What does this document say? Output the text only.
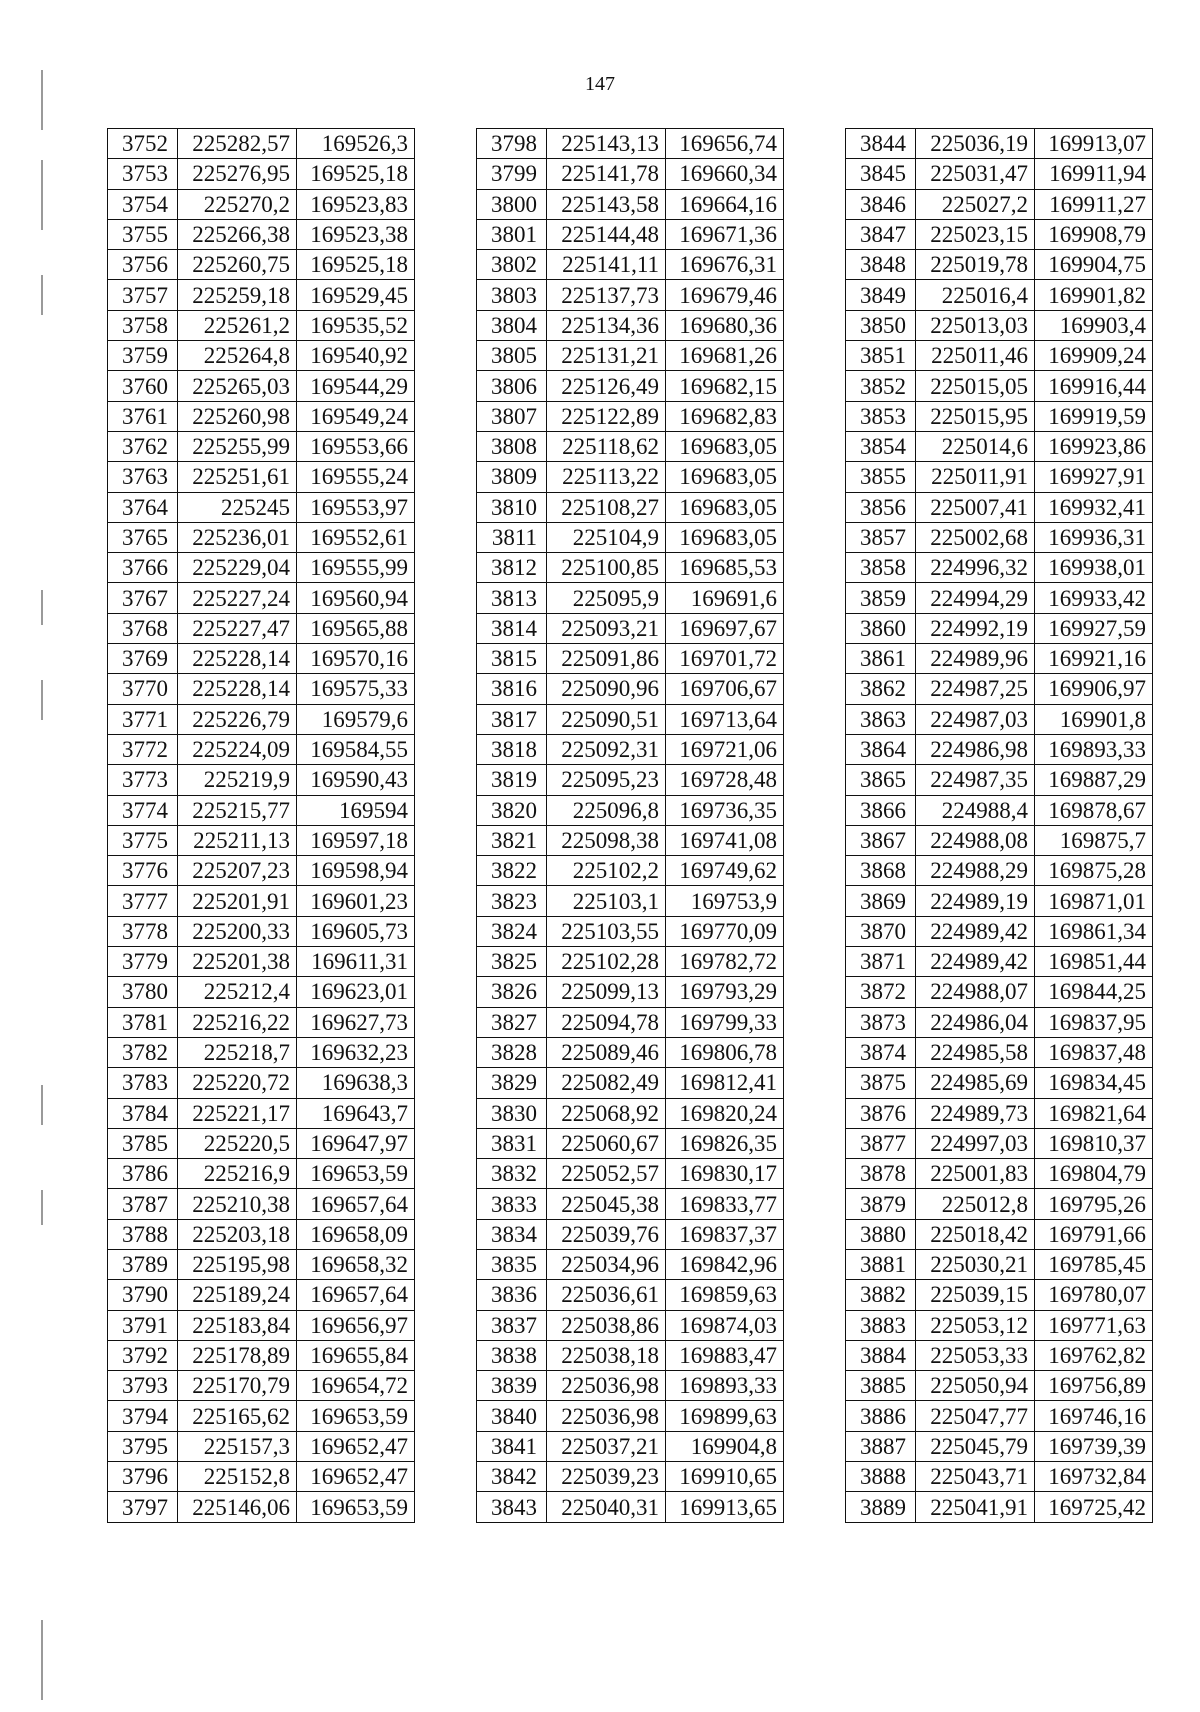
147
3752	225282,57	169526,3
3753	225276,95	169525,18
3754	225270,2	169523,83
3755	225266,38	169523,38
3756	225260,75	169525,18
3757	225259,18	169529,45
3758	225261,2	169535,52
3759	225264,8	169540,92
3760	225265,03	169544,29
3761	225260,98	169549,24
3762	225255,99	169553,66
3763	225251,61	169555,24
3764	225245	169553,97
3765	225236,01	169552,61
3766	225229,04	169555,99
3767	225227,24	169560,94
3768	225227,47	169565,88
3769	225228,14	169570,16
3770	225228,14	169575,33
3771	225226,79	169579,6
3772	225224,09	169584,55
3773	225219,9	169590,43
3774	225215,77	169594
3775	225211,13	169597,18
3776	225207,23	169598,94
3777	225201,91	169601,23
3778	225200,33	169605,73
3779	225201,38	169611,31
3780	225212,4	169623,01
3781	225216,22	169627,73
3782	225218,7	169632,23
3783	225220,72	169638,3
3784	225221,17	169643,7
3785	225220,5	169647,97
3786	225216,9	169653,59
3787	225210,38	169657,64
3788	225203,18	169658,09
3789	225195,98	169658,32
3790	225189,24	169657,64
3791	225183,84	169656,97
3792	225178,89	169655,84
3793	225170,79	169654,72
3794	225165,62	169653,59
3795	225157,3	169652,47
3796	225152,8	169652,47
3797	225146,06	169653,59
3798	225143,13	169656,74
3799	225141,78	169660,34
3800	225143,58	169664,16
3801	225144,48	169671,36
3802	225141,11	169676,31
3803	225137,73	169679,46
3804	225134,36	169680,36
3805	225131,21	169681,26
3806	225126,49	169682,15
3807	225122,89	169682,83
3808	225118,62	169683,05
3809	225113,22	169683,05
3810	225108,27	169683,05
3811	225104,9	169683,05
3812	225100,85	169685,53
3813	225095,9	169691,6
3814	225093,21	169697,67
3815	225091,86	169701,72
3816	225090,96	169706,67
3817	225090,51	169713,64
3818	225092,31	169721,06
3819	225095,23	169728,48
3820	225096,8	169736,35
3821	225098,38	169741,08
3822	225102,2	169749,62
3823	225103,1	169753,9
3824	225103,55	169770,09
3825	225102,28	169782,72
3826	225099,13	169793,29
3827	225094,78	169799,33
3828	225089,46	169806,78
3829	225082,49	169812,41
3830	225068,92	169820,24
3831	225060,67	169826,35
3832	225052,57	169830,17
3833	225045,38	169833,77
3834	225039,76	169837,37
3835	225034,96	169842,96
3836	225036,61	169859,63
3837	225038,86	169874,03
3838	225038,18	169883,47
3839	225036,98	169893,33
3840	225036,98	169899,63
3841	225037,21	169904,8
3842	225039,23	169910,65
3843	225040,31	169913,65
3844	225036,19	169913,07
3845	225031,47	169911,94
3846	225027,2	169911,27
3847	225023,15	169908,79
3848	225019,78	169904,75
3849	225016,4	169901,82
3850	225013,03	169903,4
3851	225011,46	169909,24
3852	225015,05	169916,44
3853	225015,95	169919,59
3854	225014,6	169923,86
3855	225011,91	169927,91
3856	225007,41	169932,41
3857	225002,68	169936,31
3858	224996,32	169938,01
3859	224994,29	169933,42
3860	224992,19	169927,59
3861	224989,96	169921,16
3862	224987,25	169906,97
3863	224987,03	169901,8
3864	224986,98	169893,33
3865	224987,35	169887,29
3866	224988,4	169878,67
3867	224988,08	169875,7
3868	224988,29	169875,28
3869	224989,19	169871,01
3870	224989,42	169861,34
3871	224989,42	169851,44
3872	224988,07	169844,25
3873	224986,04	169837,95
3874	224985,58	169837,48
3875	224985,69	169834,45
3876	224989,73	169821,64
3877	224997,03	169810,37
3878	225001,83	169804,79
3879	225012,8	169795,26
3880	225018,42	169791,66
3881	225030,21	169785,45
3882	225039,15	169780,07
3883	225053,12	169771,63
3884	225053,33	169762,82
3885	225050,94	169756,89
3886	225047,77	169746,16
3887	225045,79	169739,39
3888	225043,71	169732,84
3889	225041,91	169725,42
